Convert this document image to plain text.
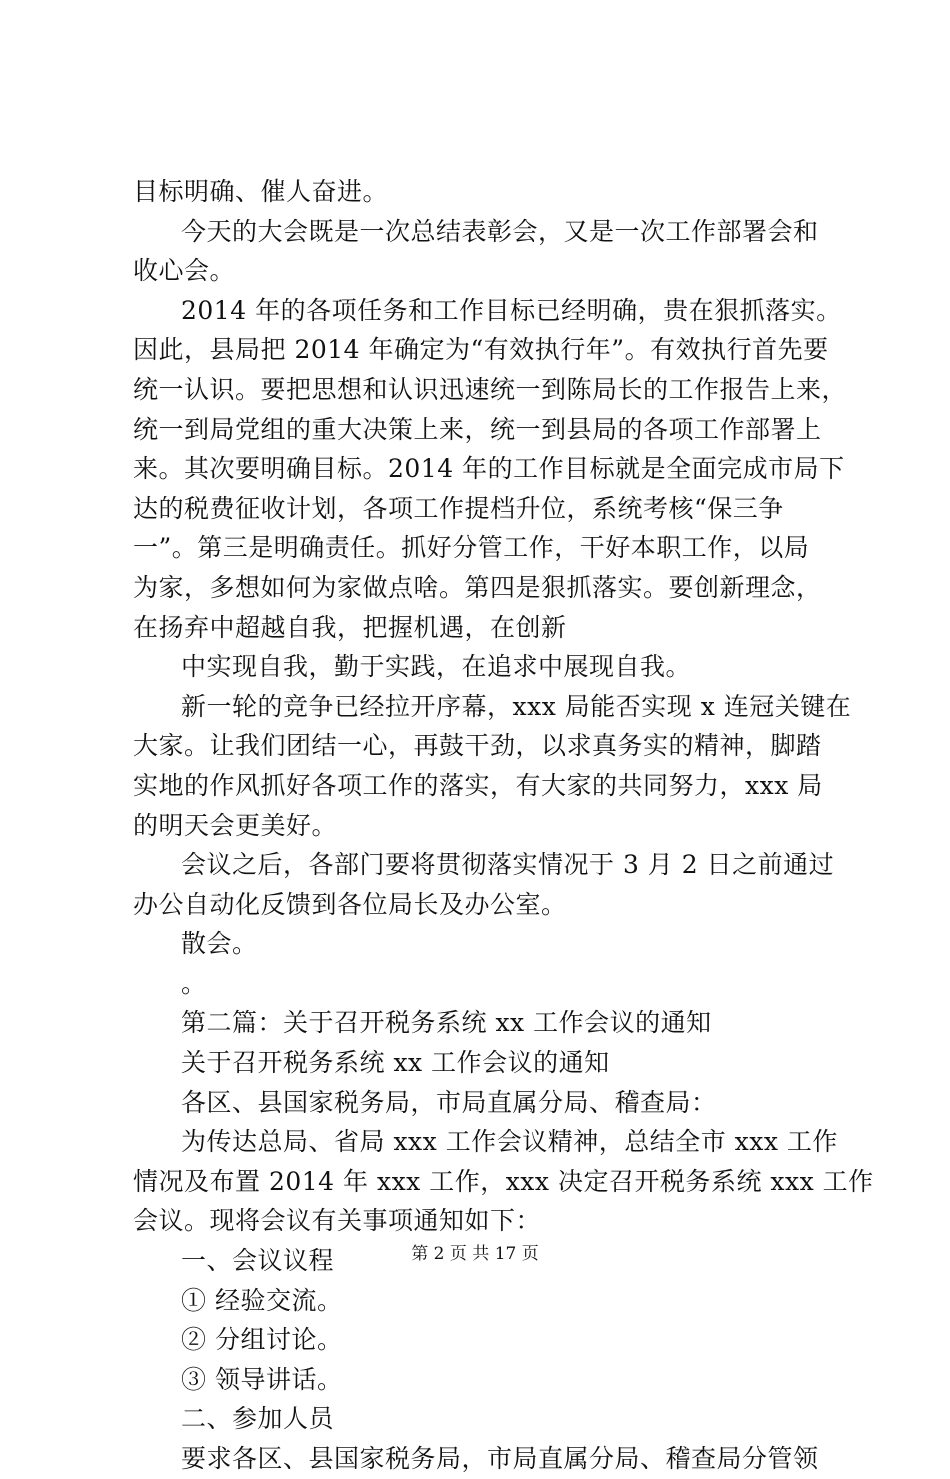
目标明确、催人奋进。
今天的大会既是一次总结表彰会，又是一次工作部署会和
收心会。
2014 年的各项任务和工作目标已经明确，贵在狠抓落实。
因此，县局把 2014 年确定为“有效执行年”。有效执行首先要
统一认识。要把思想和认识迅速统一到陈局长的工作报告上来，
统一到局党组的重大决策上来，统一到县局的各项工作部署上
来。其次要明确目标。2014 年的工作目标就是全面完成市局下
达的税费征收计划，各项工作提档升位，系统考核“保三争
一”。第三是明确责任。抓好分管工作，干好本职工作，以局
为家，多想如何为家做点啥。第四是狠抓落实。要创新理念，
在扬弃中超越自我，把握机遇，在创新
中实现自我，勤于实践，在追求中展现自我。
新一轮的竞争已经拉开序幕，xxx 局能否实现 x 连冠关键在
大家。让我们团结一心，再鼓干劲，以求真务实的精神，脚踏
实地的作风抓好各项工作的落实，有大家的共同努力，xxx 局
的明天会更美好。
会议之后，各部门要将贯彻落实情况于 3 月 2 日之前通过
办公自动化反馈到各位局长及办公室。
散会。
。
第二篇：关于召开税务系统 xx 工作会议的通知
关于召开税务系统 xx 工作会议的通知
各区、县国家税务局，市局直属分局、稽查局：
为传达总局、省局 xxx 工作会议精神，总结全市 xxx 工作
情况及布置 2014 年 xxx 工作，xxx 决定召开税务系统 xxx 工作
会议。现将会议有关事项通知如下：
一、会议议程
① 经验交流。
② 分组讨论。
③ 领导讲话。
二、参加人员
要求各区、县国家税务局，市局直属分局、稽查局分管领
第 2 页 共 17 页
